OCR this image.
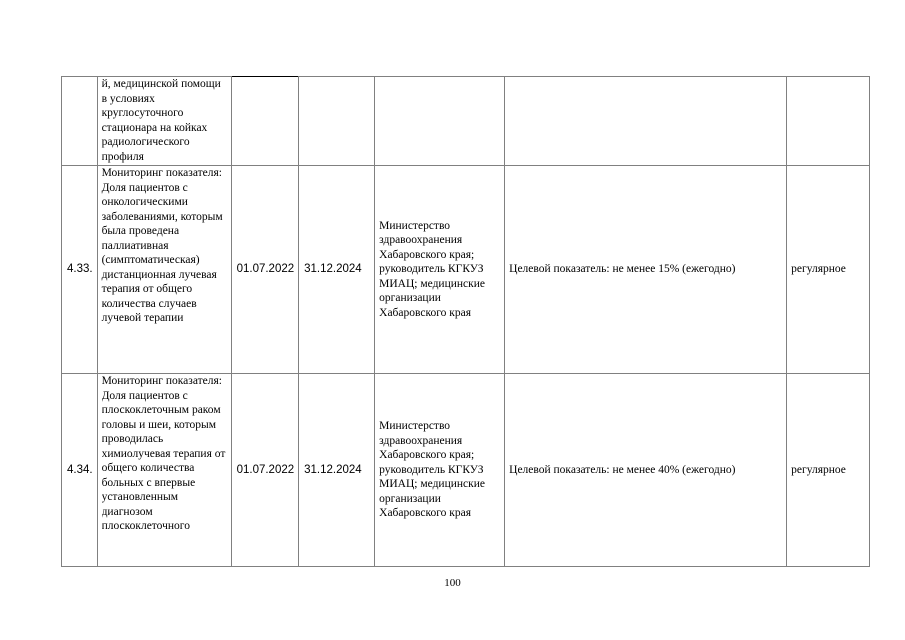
	й, медицинской помощи в условиях круглосуточного стационара на койках радиологического профиля					
4.33.	Мониторинг показателя: Доля пациентов с онкологическими заболеваниями, которым была проведена паллиативная (симптоматическая) дистанционная лучевая терапия от общего количества случаев лучевой терапии	01.07.2022	31.12.2024	Министерство здравоохранения Хабаровского края; руководитель КГКУЗ МИАЦ; медицинские организации Хабаровского края	Целевой показатель: не менее 15% (ежегодно)	регулярное
4.34.	Мониторинг показателя: Доля пациентов с плоскоклеточным раком головы и шеи, которым проводилась химиолучевая терапия от общего количества больных с впервые установленным диагнозом плоскоклеточного	01.07.2022	31.12.2024	Министерство здравоохранения Хабаровского края; руководитель КГКУЗ МИАЦ; медицинские организации Хабаровского края	Целевой показатель: не менее 40% (ежегодно)	регулярное
100
